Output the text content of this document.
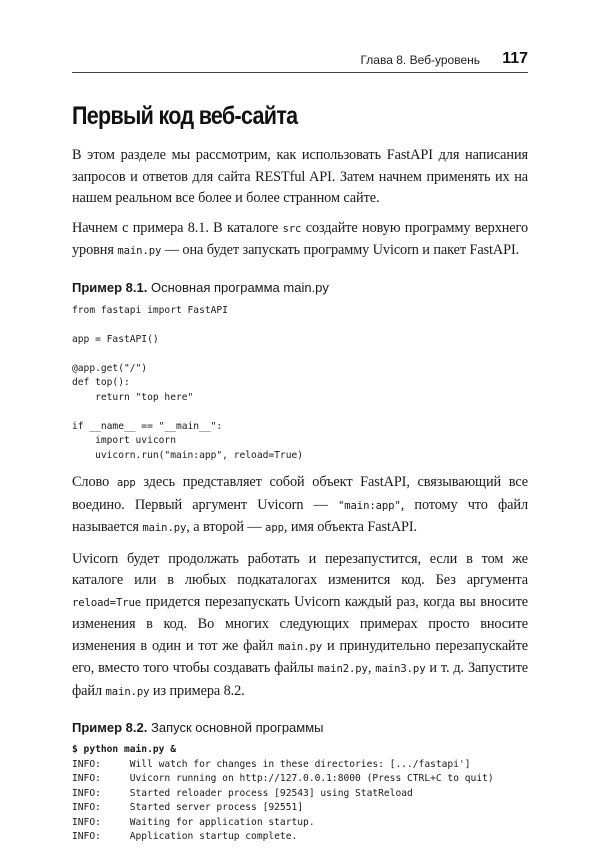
Глава 8. Веб-уровень 117
Первый код веб-сайта

В этом разделе мы рассмотрим, как использовать FastAPI для написания запросов и ответов для сайта RESTful API. Затем начнем применять их на нашем реальном все более и более странном сайте.

Начнем с примера 8.1. В каталоге src создайте новую программу верхнего уровня main.py — она будет запускать программу Uvicorn и пакет FastAPI.

Пример 8.1. Основная программа main.py
from fastapi import FastAPI
app = FastAPI()
@app.get("/")
def top():
return "top here"
if __name__ == "__main__":
import uvicorn
uvicorn.run("main:app", reload=True)

Слово app здесь представляет собой объект FastAPI, связывающий все воедино. Первый аргумент Uvicorn — "main:app", потому что файл называется main.py, а второй — app, имя объекта FastAPI.

Uvicorn будет продолжать работать и перезапустится, если в том же каталоге или в любых подкаталогах изменится код. Без аргумента reload=True придется перезапускать Uvicorn каждый раз, когда вы вносите изменения в код. Во многих следующих примерах просто вносите изменения в один и тот же файл main.py и принудительно перезапускайте его, вместо того чтобы создавать файлы main2.py, main3.py и т. д. Запустите файл main.py из примера 8.2.

Пример 8.2. Запуск основной программы
$ python main.py &
INFO:     Will watch for changes in these directories: [.../fastapi']
INFO:     Uvicorn running on http://127.0.0.1:8000 (Press CTRL+C to quit)
INFO:     Started reloader process [92543] using StatReload
INFO:     Started server process [92551]
INFO:     Waiting for application startup.
INFO:     Application startup complete.
